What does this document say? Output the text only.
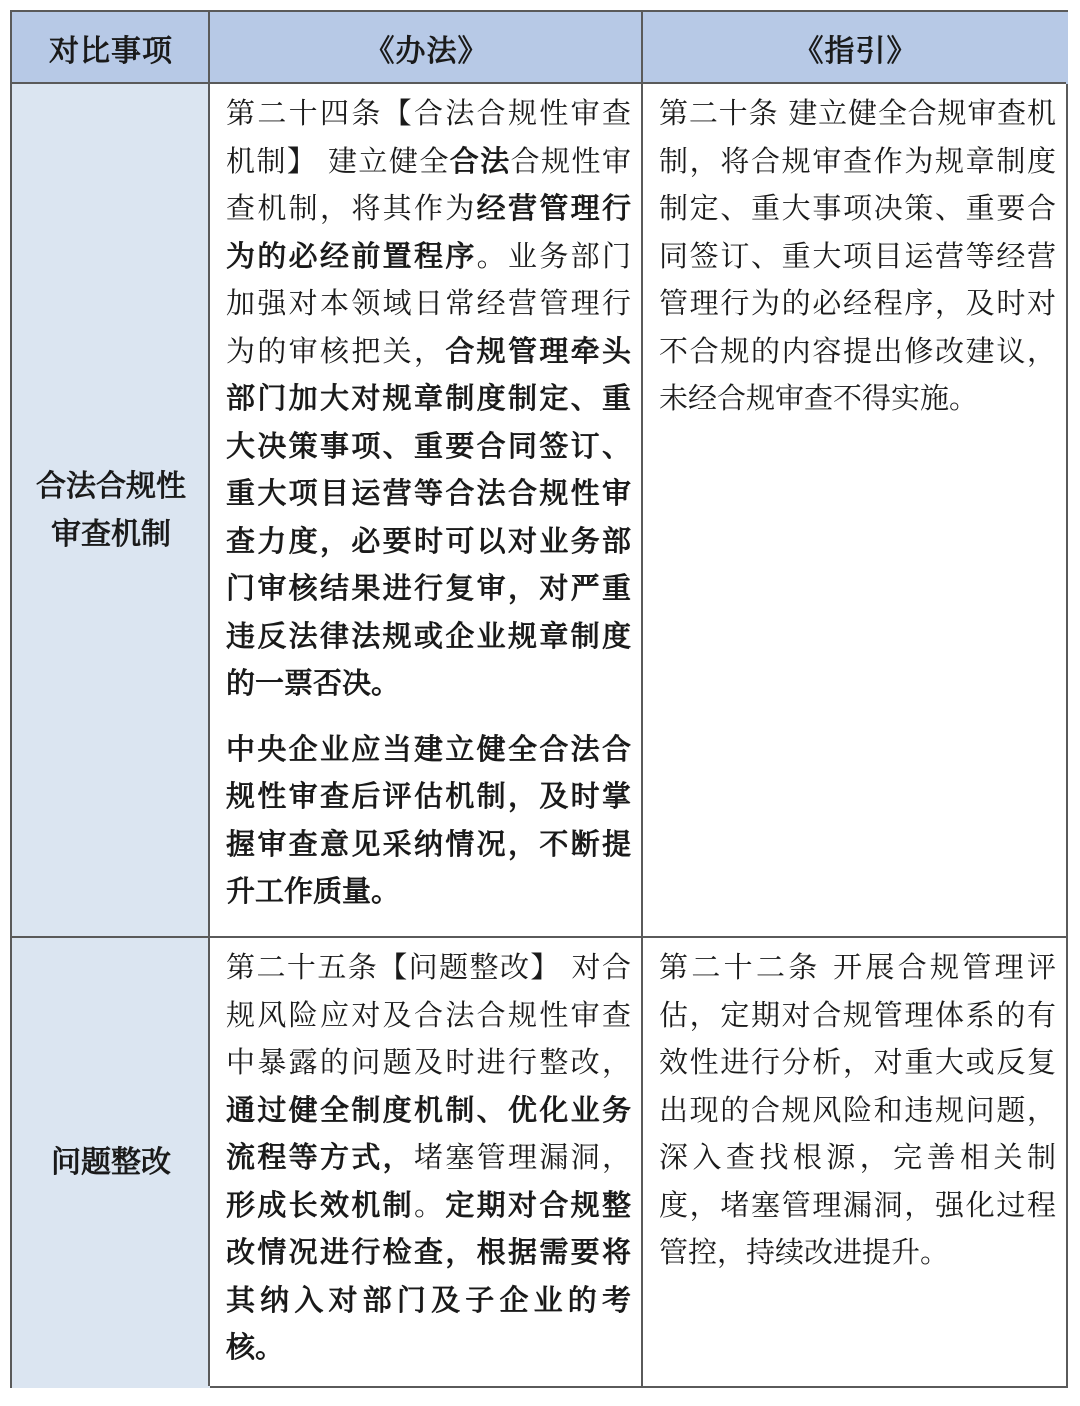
对比事项	《办法》	《指引》
合法合规性审查机制

第二十四条【合法合规性审查机制】 建立健全合法合规性审查机制，将其作为经营管理行为的必经前置程序。业务部门加强对本领域日常经营管理行为的审核把关，合规管理牵头部门加大对规章制度制定、重大决策事项、重要合同签订、重大项目运营等合法合规性审查力度，必要时可以对业务部门审核结果进行复审，对严重违反法律法规或企业规章制度的一票否决。

中央企业应当建立健全合法合规性审查后评估机制，及时掌握审查意见采纳情况，不断提升工作质量。

第二十条 建立健全合规审查机制，将合规审查作为规章制度制定、重大事项决策、重要合同签订、重大项目运营等经营管理行为的必经程序，及时对不合规的内容提出修改建议，未经合规审查不得实施。

问题整改

第二十五条【问题整改】 对合规风险应对及合法合规性审查中暴露的问题及时进行整改，通过健全制度机制、优化业务流程等方式，堵塞管理漏洞，形成长效机制。定期对合规整改情况进行检查，根据需要将其纳入对部门及子企业的考核。

第二十二条 开展合规管理评估，定期对合规管理体系的有效性进行分析，对重大或反复出现的合规风险和违规问题，深入查找根源，完善相关制度，堵塞管理漏洞，强化过程管控，持续改进提升。
